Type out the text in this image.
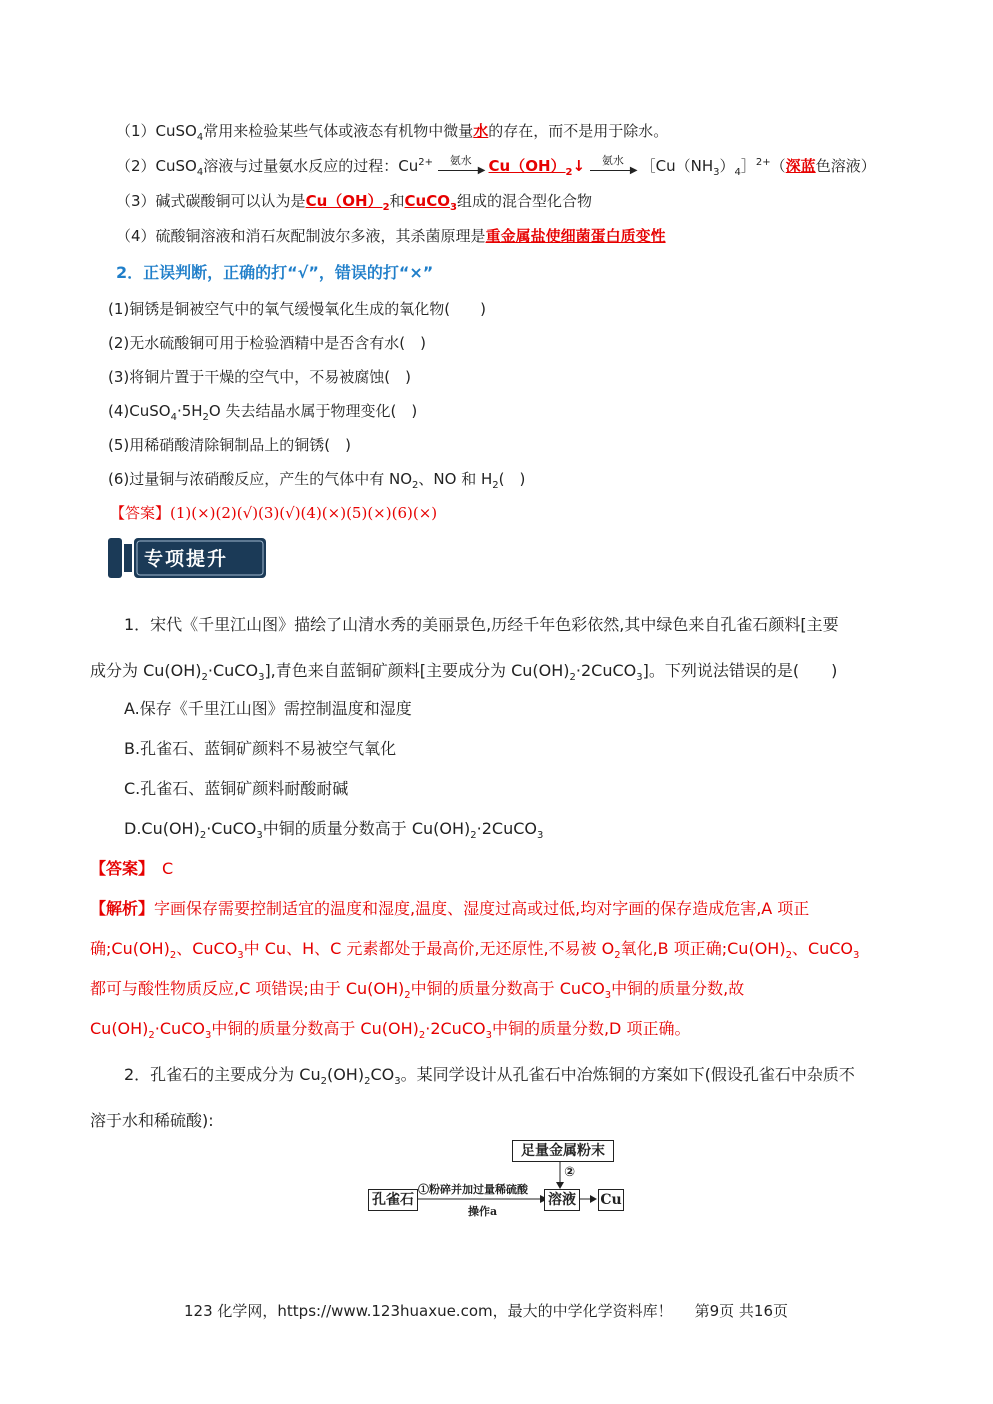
（1）CuSO$_4$常用来检验某些气体或液态有机物中微量水的存在，而不是用于除水。
（2）CuSO$_4$溶液与过量氨水反应的过程：$Cu^{2+}$ $^{氨水}$
▶ $Cu(OH)_2↓$ $^{氨水}$
▶ $[Cu(NH_3)_4]^{2+}$（深蓝色溶液）
（3）碱式碳酸铜可以认为是$Cu(OH)_2$和CuCO$_3$组成的混合型化合物
（4）硫酸铜溶液和消石灰配制波尔多液，其杀菌原理是重金属盐使细菌蛋白质变性
2．正误判断，正确的打“√”，错误的打“×”
(1)铜锈是铜被空气中的氧气缓慢氧化生成的氧化物(　　)
(2)无水硫酸铜可用于检验酒精中是否含有水(　)
(3)将铜片置于干燥的空气中，不易被腐蚀(　)
$(4)CuSO_4\cdot 5H_2O$ 失去结晶水属于物理变化(　)
(5)用稀硝酸清除铜制品上的铜锈(　)
(6)过量铜与浓硝酸反应，产生的气体中有 $NO_2$、NO 和 $H_2$(　)
【答案】(1)(×)(2)(√)(3)(√)(4)(×)(5)(×)(6)(×)
专项提升
1．宋代《千里江山图》描绘了山清水秀的美丽景色,历经千年色彩依然,其中绿色来自孔雀石颜料[主要
成分为 $Cu(OH)_2\cdot CuCO_3$],青色来自蓝铜矿颜料[主要成分为 $Cu(OH)_2\cdot 2CuCO_3$]。下列说法错误的是(　　)
A.保存《千里江山图》需控制温度和湿度
B.孔雀石、蓝铜矿颜料不易被空气氧化
C.孔雀石、蓝铜矿颜料耐酸耐碱
$D.Cu(OH)_2\cdot CuCO_3$中铜的质量分数高于 $Cu(OH)_2\cdot 2CuCO_3$
【答案】 C
【解析】字画保存需要控制适宜的温度和湿度,温度、湿度过高或过低,均对字画的保存造成危害,A 项正
确$;Cu(OH)_2$、CuCO$_3$中 Cu、H、C 元素都处于最高价,无还原性,不易被 $O_2$氧化,B 项正确$;Cu(OH)_2$、CuCO$_3$
都可与酸性物质反应,C 项错误;由于 $Cu(OH)_2$中铜的质量分数高于 CuCO$_3$中铜的质量分数,故
$Cu(OH)_2\cdot CuCO_3$中铜的质量分数高于 $Cu(OH)_2\cdot 2CuCO_3$中铜的质量分数,D 项正确。
2．孔雀石的主要成分为 $Cu_2(OH)_2CO_3$。某同学设计从孔雀石中冶炼铜的方案如下(假设孔雀石中杂质不
溶于水和稀硫酸):
足量金属粉末
②
孔雀石
①粉碎并加过量稀硫酸
操作a
溶液 Cu
123 化学网，https://www.123huaxue.com，最大的中学化学资料库！ 第9页 共16页
